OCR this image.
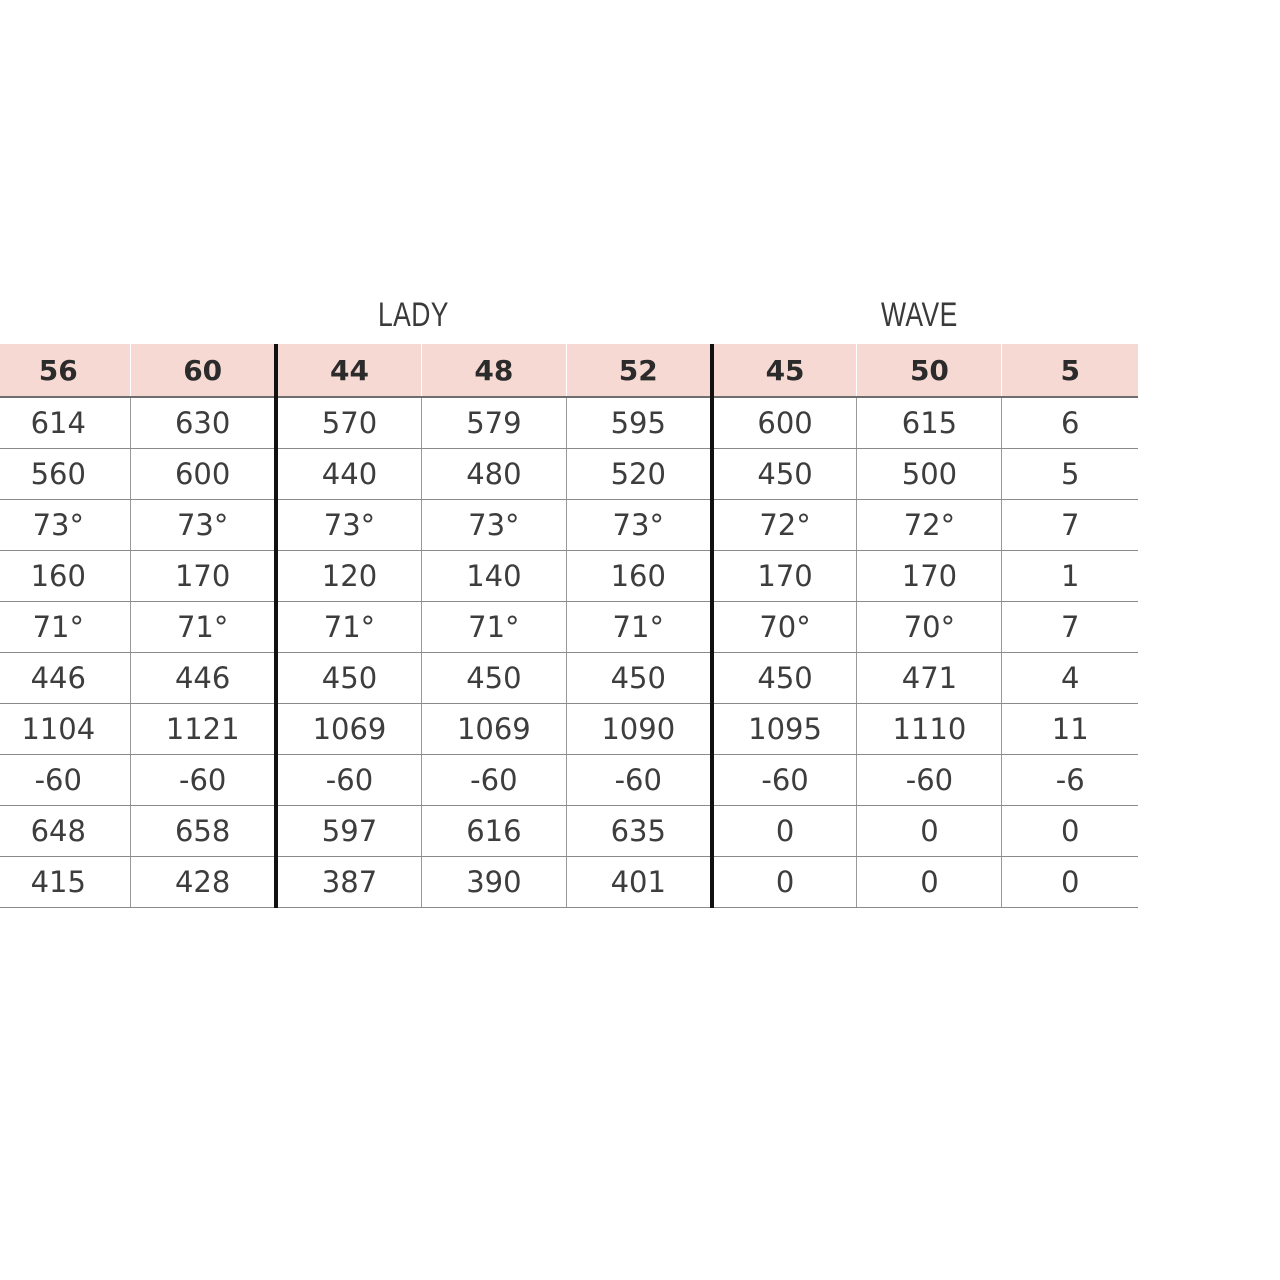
LADY	WAVE
	56	60	44	48	52	45	50	5
	614	630	570	579	595	600	615	6
	560	600	440	480	520	450	500	5
	73°	73°	73°	73°	73°	72°	72°	7
	160	170	120	140	160	170	170	1
	71°	71°	71°	71°	71°	70°	70°	7
	446	446	450	450	450	450	471	4
	1104	1121	1069	1069	1090	1095	1110	11
	-60	-60	-60	-60	-60	-60	-60	-6
	648	658	597	616	635	0	0	0
	415	428	387	390	401	0	0	0
